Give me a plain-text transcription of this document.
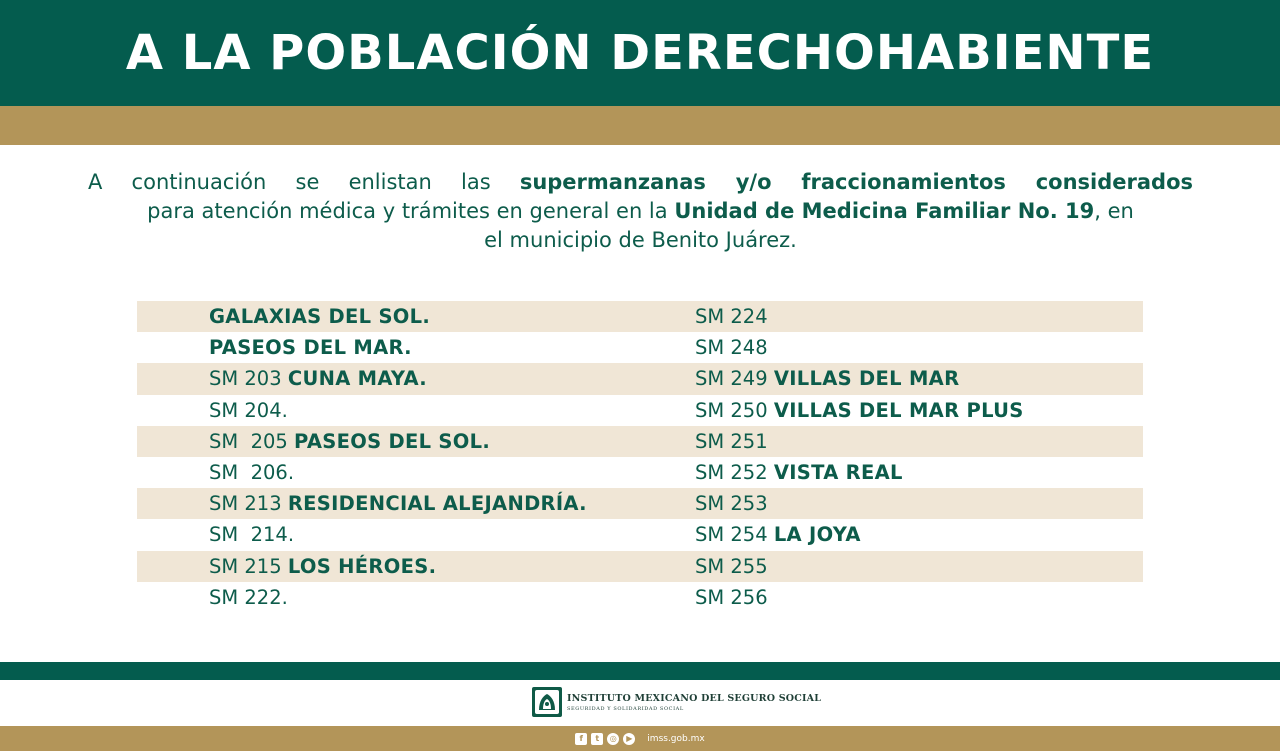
A LA POBLACIÓN DERECHOHABIENTE

A continuación se enlistan las supermanzanas y/o fraccionamientos considerados

para atención médica y trámites en general en la Unidad de Medicina Familiar No. 19, en

el municipio de Benito Juárez.

GALAXIAS DEL SOL.	SM 224
PASEOS DEL MAR.	SM 248
SM 203 CUNA MAYA.	SM 249 VILLAS DEL MAR
SM 204.	SM 250 VILLAS DEL MAR PLUS
SM  205 PASEOS DEL SOL.	SM 251
SM  206.	SM 252 VISTA REAL
SM 213 RESIDENCIAL ALEJANDRÍA.	SM 253
SM  214.	SM 254 LA JOYA
SM 215 LOS HÉROES.	SM 255
SM 222.	SM 256
INSTITUTO MEXICANO DEL SEGURO SOCIAL
SEGURIDAD Y SOLIDARIDAD SOCIAL
f	t	◎	▶	imss.gob.mx
